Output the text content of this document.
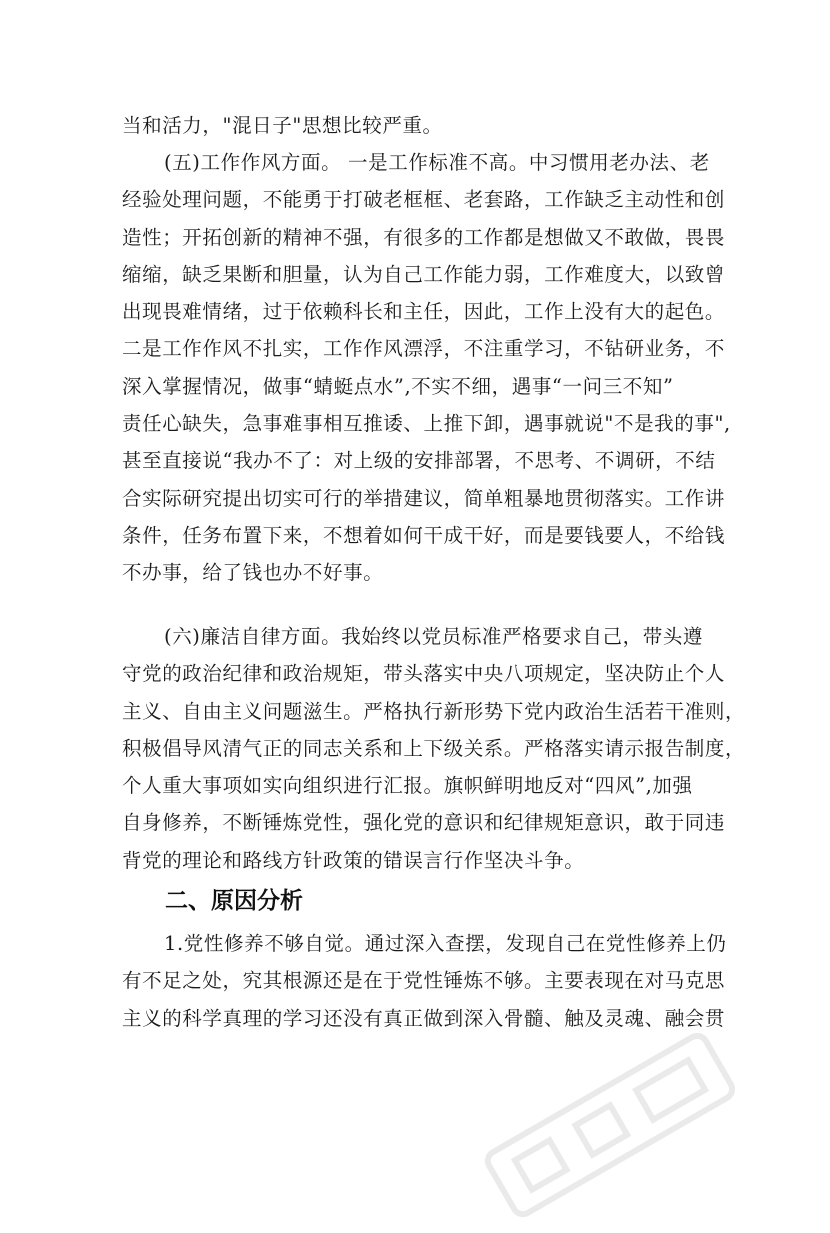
当和活力，"混日子"思想比较严重。
(五)工作作风方面。 一是工作标准不高。中习惯用老办法、老
经验处理问题，不能勇于打破老框框、老套路，工作缺乏主动性和创
造性；开拓创新的精神不强，有很多的工作都是想做又不敢做，畏畏
缩缩，缺乏果断和胆量，认为自己工作能力弱，工作难度大，以致曾
出现畏难情绪，过于依赖科长和主任，因此，工作上没有大的起色。
二是工作作风不扎实，工作作风漂浮，不注重学习，不钻研业务，不
深入掌握情况，做事“蜻蜓点水”,不实不细，遇事“一问三不知”
责任心缺失，急事难事相互推诿、上推下卸，遇事就说"不是我的事",
甚至直接说“我办不了：对上级的安排部署，不思考、不调研，不结
合实际研究提出切实可行的举措建议，简单粗暴地贯彻落实。工作讲
条件，任务布置下来，不想着如何干成干好，而是要钱要人，不给钱
不办事，给了钱也办不好事。
(六)廉洁自律方面。我始终以党员标准严格要求自己，带头遵
守党的政治纪律和政治规矩，带头落实中央八项规定，坚决防止个人
主义、自由主义问题滋生。严格执行新形势下党内政治生活若干准则，
积极倡导风清气正的同志关系和上下级关系。严格落实请示报告制度，
个人重大事项如实向组织进行汇报。旗帜鲜明地反对“四风”,加强
自身修养，不断锤炼党性，强化党的意识和纪律规矩意识，敢于同违
背党的理论和路线方针政策的错误言行作坚决斗争。
二、原因分析
1.党性修养不够自觉。通过深入查摆，发现自己在党性修养上仍
有不足之处，究其根源还是在于党性锤炼不够。主要表现在对马克思
主义的科学真理的学习还没有真正做到深入骨髓、触及灵魂、融会贯
